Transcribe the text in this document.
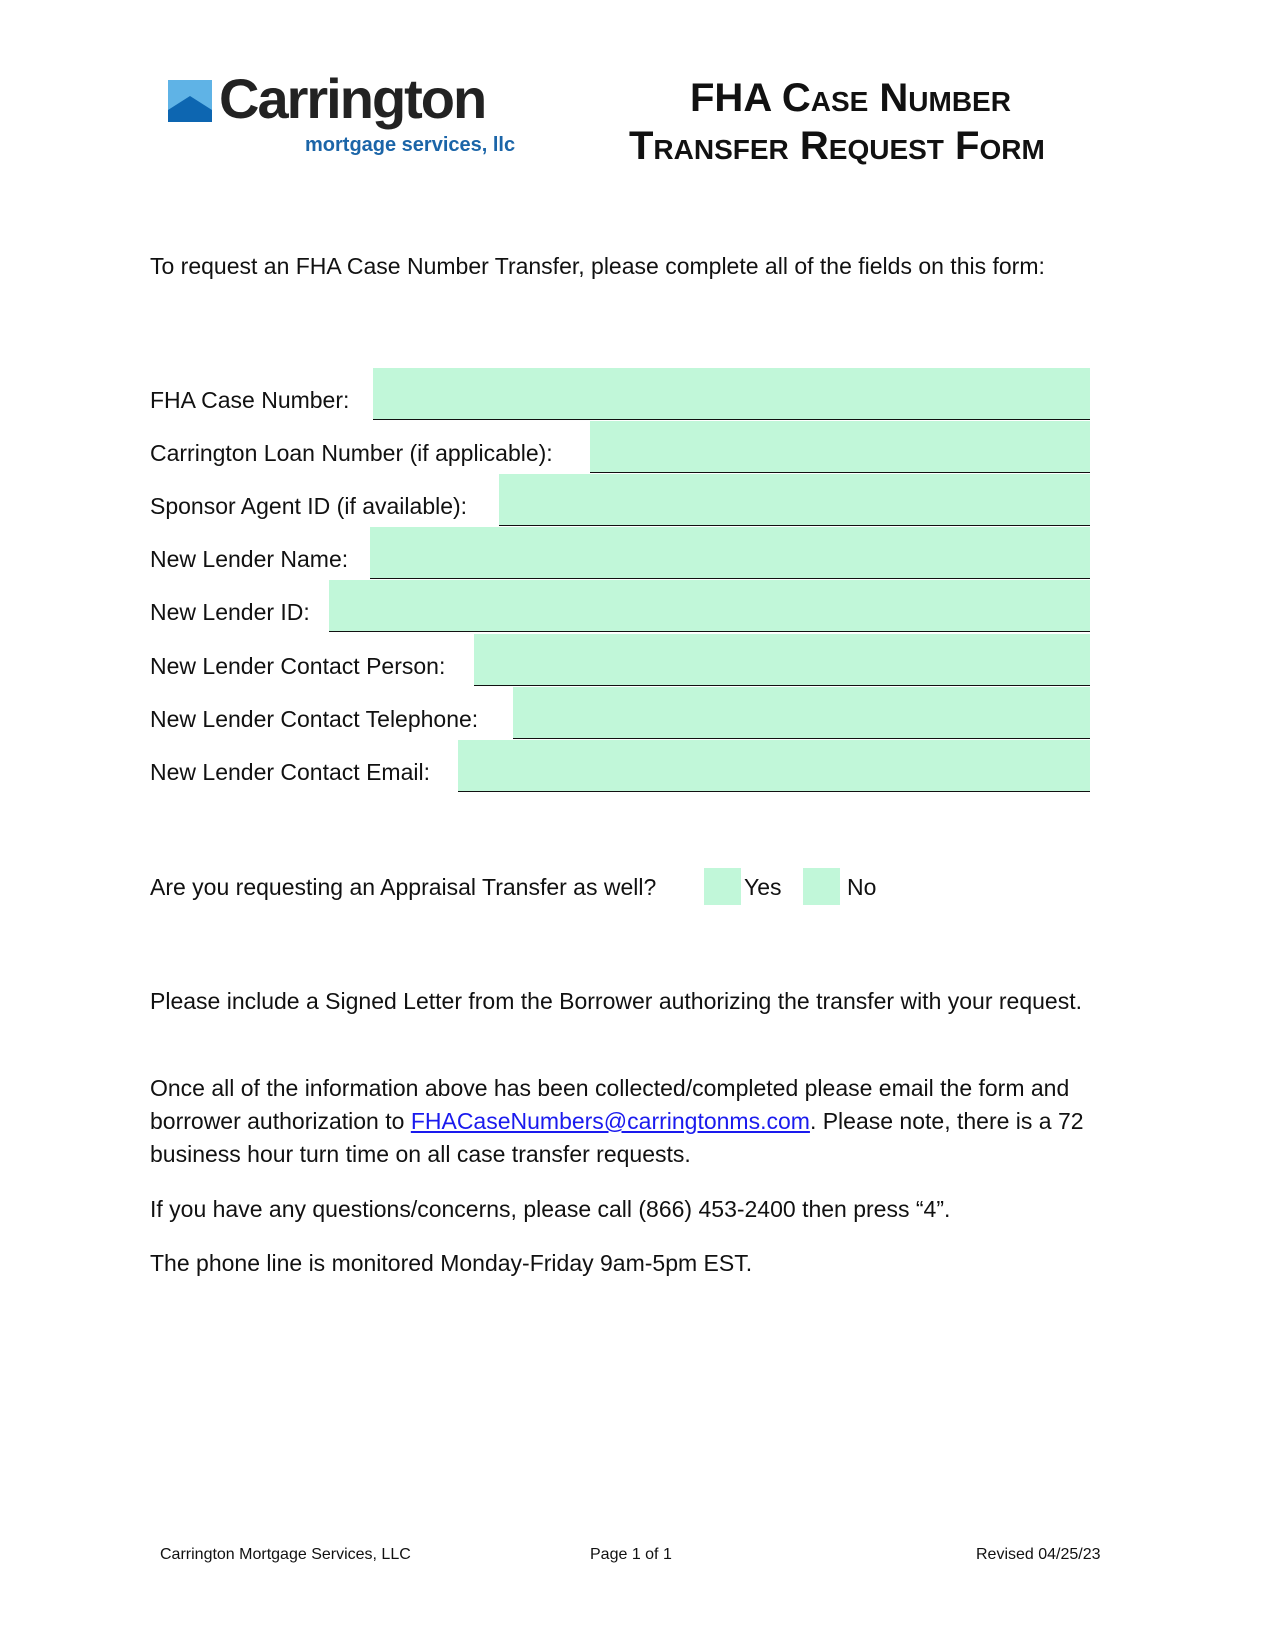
Carrington
mortgage services, llc
FHA Case Number
Transfer Request Form
To request an FHA Case Number Transfer, please complete all of the fields on this form:
FHA Case Number:
Carrington Loan Number (if applicable):
Sponsor Agent ID (if available):
New Lender Name:
New Lender ID:
New Lender Contact Person:
New Lender Contact Telephone:
New Lender Contact Email:
Are you requesting an Appraisal Transfer as well?	Yes	No
Please include a Signed Letter from the Borrower authorizing the transfer with your request.
Once all of the information above has been collected/completed please email the form and borrower authorization to FHACaseNumbers@carringtonms.com. Please note, there is a 72 business hour turn time on all case transfer requests.
If you have any questions/concerns, please call (866) 453-2400 then press “4”.
The phone line is monitored Monday-Friday 9am-5pm EST.
Carrington Mortgage Services, LLC	Page 1 of 1	Revised 04/25/23
